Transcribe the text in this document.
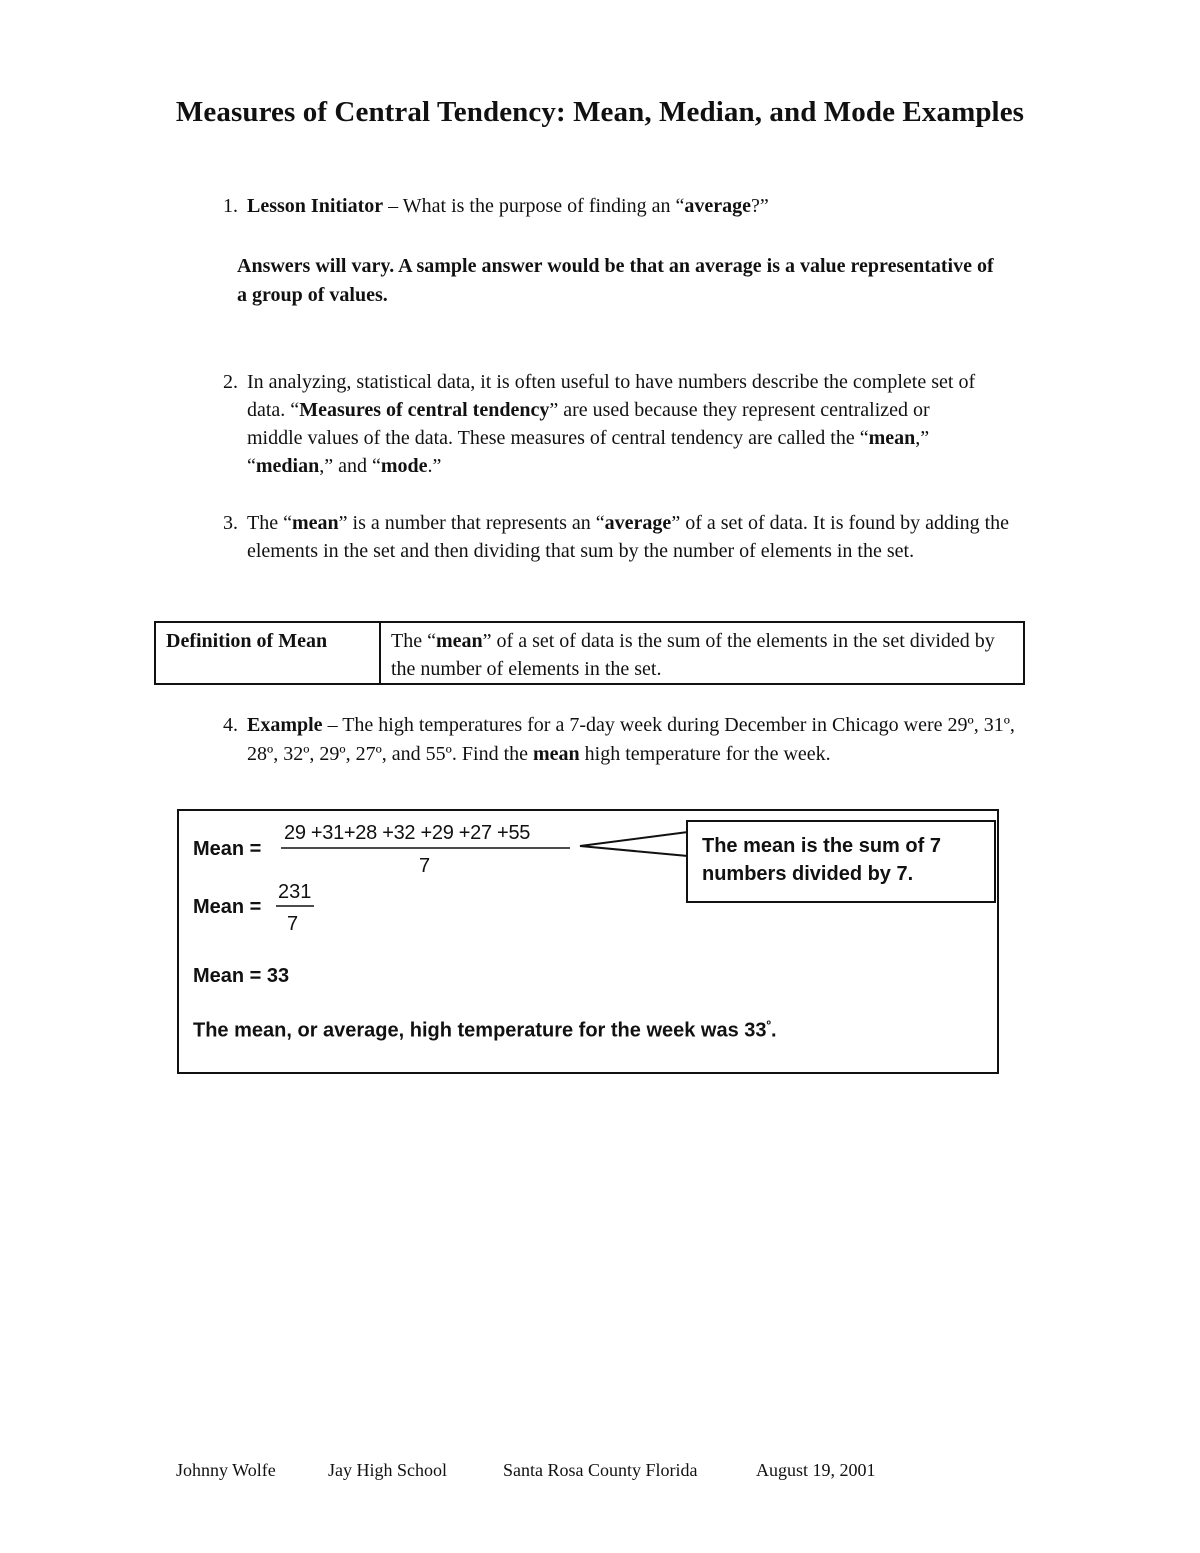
Measures of Central Tendency: Mean, Median, and Mode Examples
1. Lesson Initiator – What is the purpose of finding an “average?”
Answers will vary. A sample answer would be that an average is a value representative of a group of values.
2. In analyzing, statistical data, it is often useful to have numbers describe the complete set of data. “Measures of central tendency” are used because they represent centralized or middle values of the data. These measures of central tendency are called the “mean,” “median,” and “mode.”
3. The “mean” is a number that represents an “average” of a set of data. It is found by adding the elements in the set and then dividing that sum by the number of elements in the set.
Definition of Mean	The “mean” of a set of data is the sum of the elements in the set divided by the number of elements in the set.
4. Example – The high temperatures for a 7-day week during December in Chicago were 29º, 31º, 28º, 32º, 29º, 27º, and 55º. Find the mean high temperature for the week.
The mean is the sum of 7 numbers divided by 7.
Mean =
29 +31+28 +32 +29 +27 +55
7
Mean =
231
7
Mean = 33
The mean, or average, high temperature for the week was $33^º$.
Johnny Wolfe	Jay High School	Santa Rosa County Florida	August 19, 2001
